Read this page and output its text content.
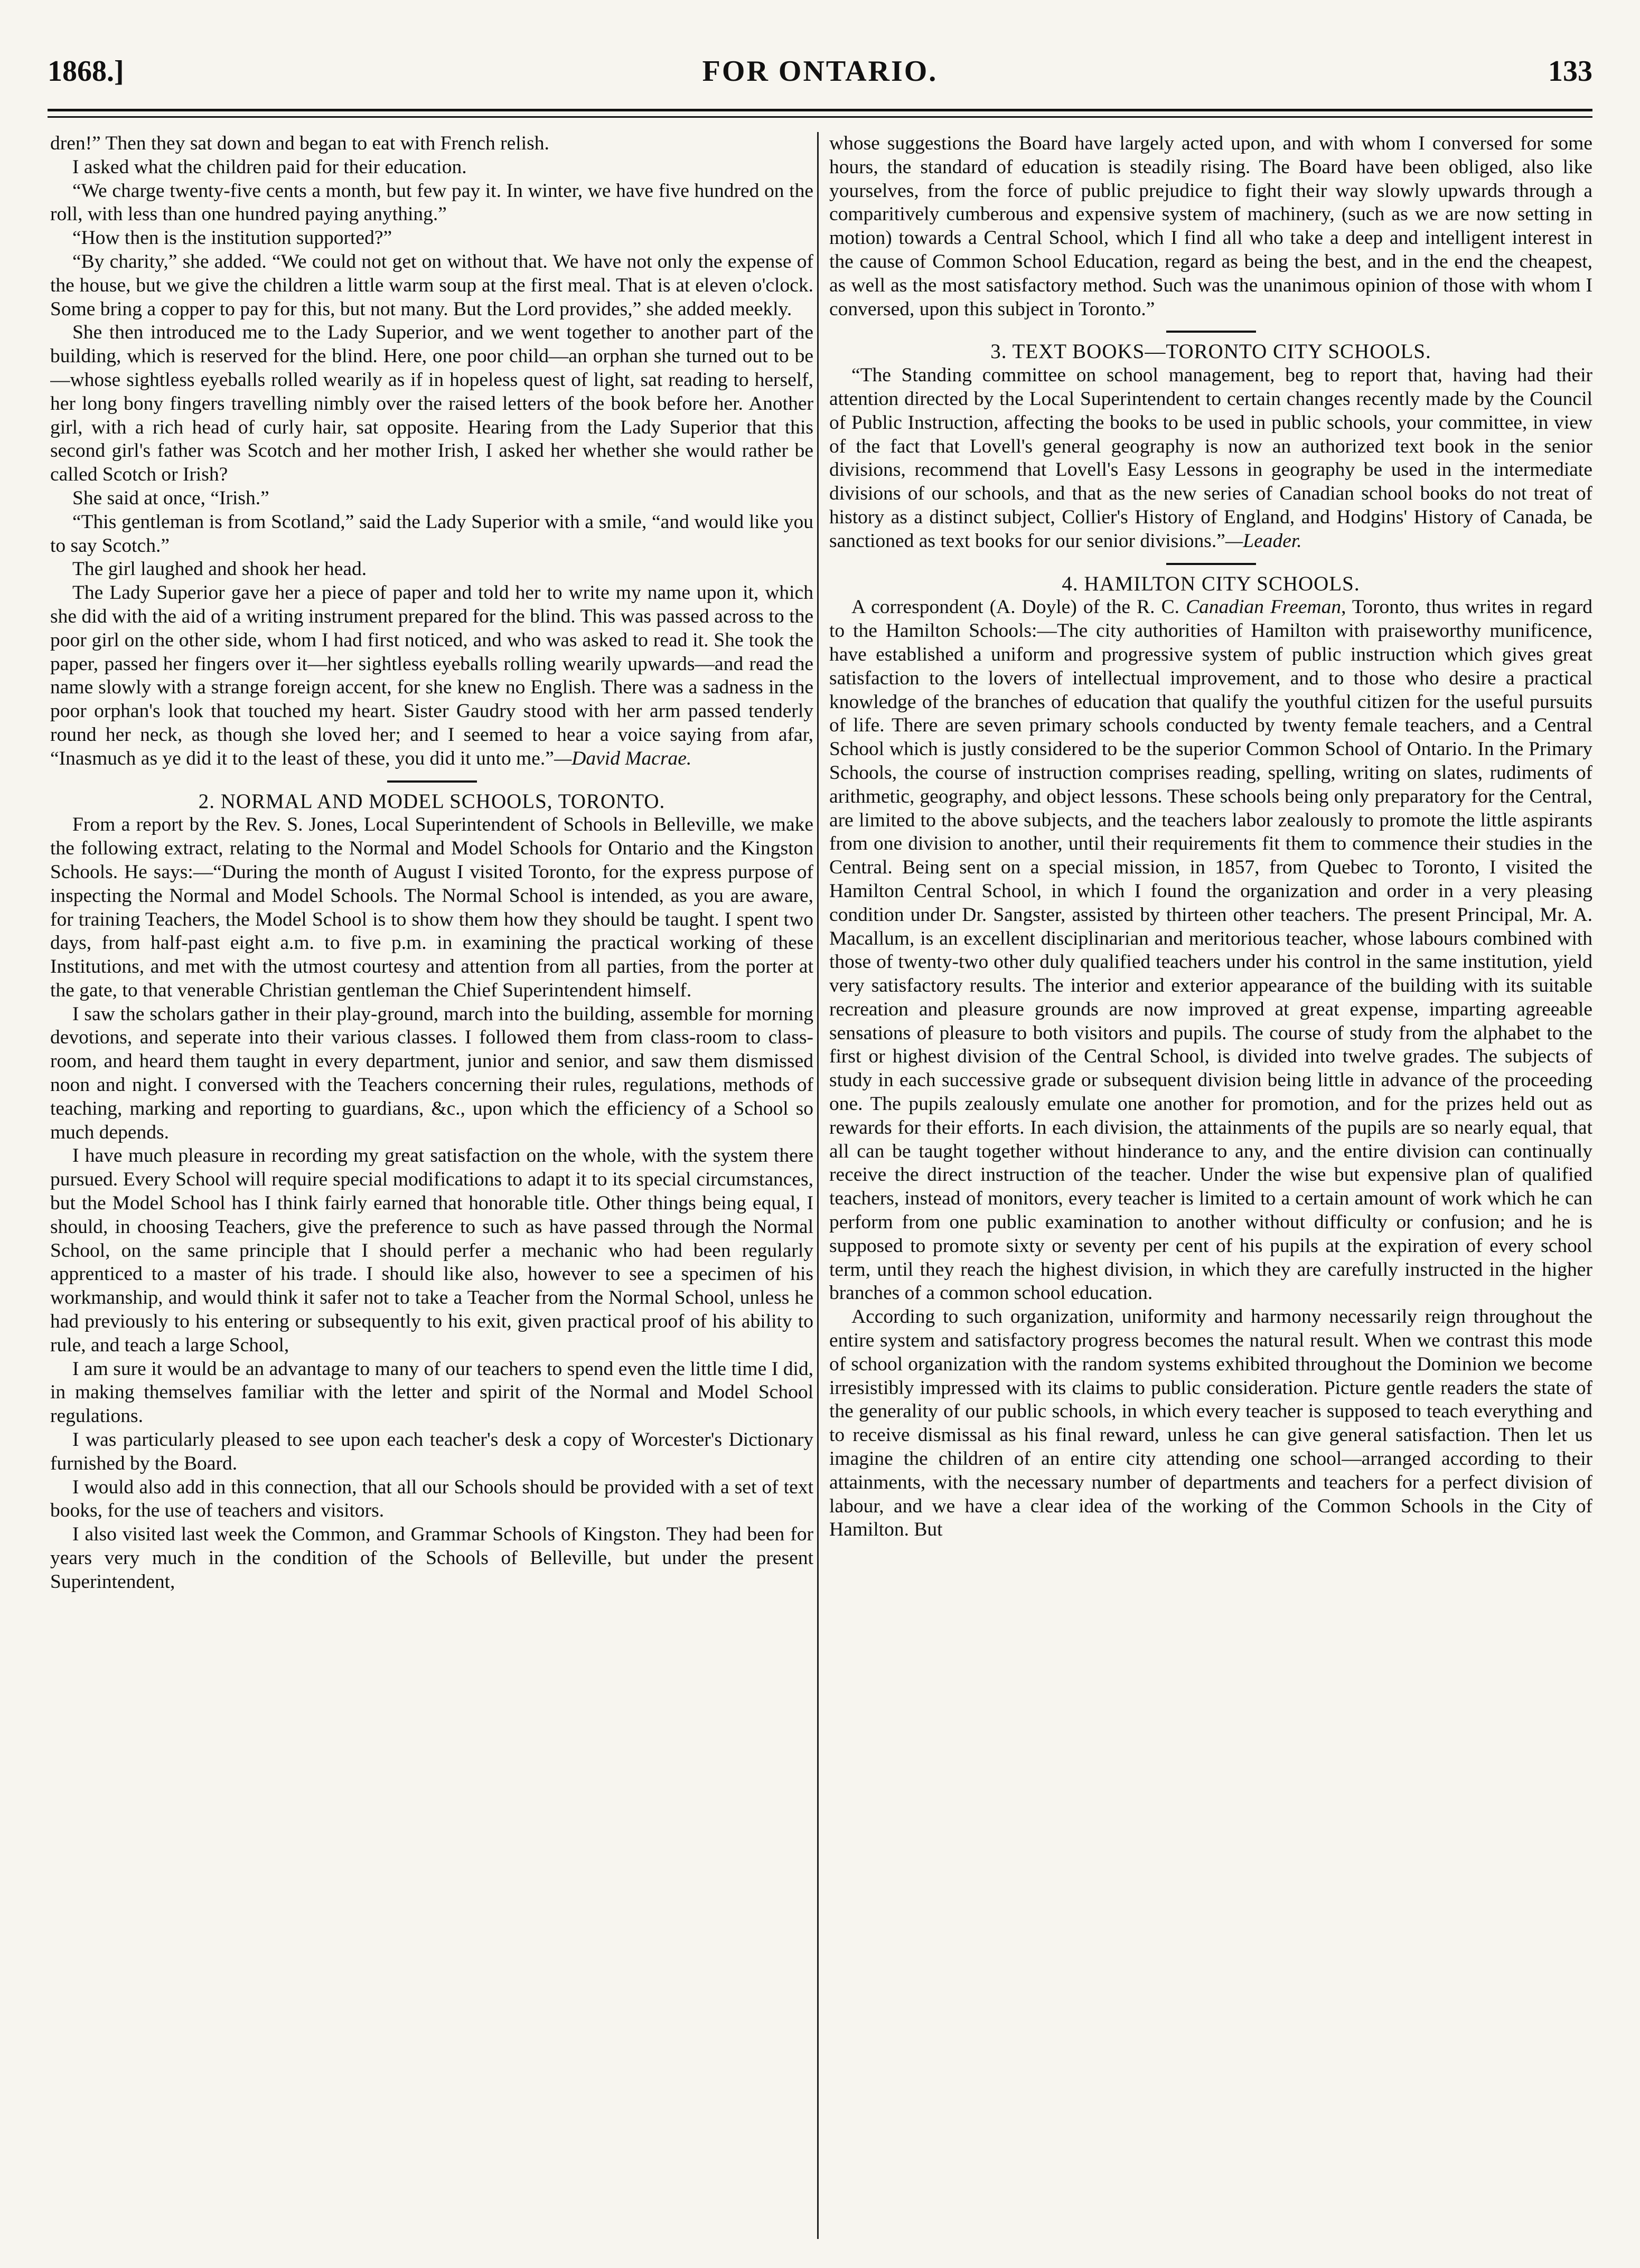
FOR ONTARIO.
1868.]	133

dren!” Then they sat down and began to eat with French relish.

I asked what the children paid for their education.

“We charge twenty-five cents a month, but few pay it. In winter, we have five hundred on the roll, with less than one hundred paying anything.”

“How then is the institution supported?”

“By charity,” she added. “We could not get on without that. We have not only the expense of the house, but we give the children a little warm soup at the first meal. That is at eleven o'clock. Some bring a copper to pay for this, but not many. But the Lord provides,” she added meekly.

She then introduced me to the Lady Superior, and we went together to another part of the building, which is reserved for the blind. Here, one poor child—an orphan she turned out to be—whose sightless eyeballs rolled wearily as if in hopeless quest of light, sat reading to herself, her long bony fingers travelling nimbly over the raised letters of the book before her. Another girl, with a rich head of curly hair, sat opposite. Hearing from the Lady Superior that this second girl's father was Scotch and her mother Irish, I asked her whether she would rather be called Scotch or Irish?

She said at once, “Irish.”

“This gentleman is from Scotland,” said the Lady Superior with a smile, “and would like you to say Scotch.”

The girl laughed and shook her head.

The Lady Superior gave her a piece of paper and told her to write my name upon it, which she did with the aid of a writing instrument prepared for the blind. This was passed across to the poor girl on the other side, whom I had first noticed, and who was asked to read it. She took the paper, passed her fingers over it—her sightless eyeballs rolling wearily upwards—and read the name slowly with a strange foreign accent, for she knew no English. There was a sadness in the poor orphan's look that touched my heart. Sister Gaudry stood with her arm passed tenderly round her neck, as though she loved her; and I seemed to hear a voice saying from afar, “Inasmuch as ye did it to the least of these, you did it unto me.”—David Macrae.

2. NORMAL AND MODEL SCHOOLS, TORONTO.

From a report by the Rev. S. Jones, Local Superintendent of Schools in Belleville, we make the following extract, relating to the Normal and Model Schools for Ontario and the Kingston Schools. He says:—“During the month of August I visited Toronto, for the express purpose of inspecting the Normal and Model Schools. The Normal School is intended, as you are aware, for training Teachers, the Model School is to show them how they should be taught. I spent two days, from half-past eight a.m. to five p.m. in examining the practical working of these Institutions, and met with the utmost courtesy and attention from all parties, from the porter at the gate, to that venerable Christian gentleman the Chief Superintendent himself.

I saw the scholars gather in their play-ground, march into the building, assemble for morning devotions, and seperate into their various classes. I followed them from class-room to class-room, and heard them taught in every department, junior and senior, and saw them dismissed noon and night. I conversed with the Teachers concerning their rules, regulations, methods of teaching, marking and reporting to guardians, &c., upon which the efficiency of a School so much depends.

I have much pleasure in recording my great satisfaction on the whole, with the system there pursued. Every School will require special modifications to adapt it to its special circumstances, but the Model School has I think fairly earned that honorable title. Other things being equal, I should, in choosing Teachers, give the preference to such as have passed through the Normal School, on the same principle that I should perfer a mechanic who had been regularly apprenticed to a master of his trade. I should like also, however to see a specimen of his workmanship, and would think it safer not to take a Teacher from the Normal School, unless he had previously to his entering or subsequently to his exit, given practical proof of his ability to rule, and teach a large School,

I am sure it would be an advantage to many of our teachers to spend even the little time I did, in making themselves familiar with the letter and spirit of the Normal and Model School regulations.

I was particularly pleased to see upon each teacher's desk a copy of Worcester's Dictionary furnished by the Board.

I would also add in this connection, that all our Schools should be provided with a set of text books, for the use of teachers and visitors.

I also visited last week the Common, and Grammar Schools of Kingston. They had been for years very much in the condition of the Schools of Belleville, but under the present Superintendent,

whose suggestions the Board have largely acted upon, and with whom I conversed for some hours, the standard of education is steadily rising. The Board have been obliged, also like yourselves, from the force of public prejudice to fight their way slowly upwards through a comparitively cumberous and expensive system of machinery, (such as we are now setting in motion) towards a Central School, which I find all who take a deep and intelligent interest in the cause of Common School Education, regard as being the best, and in the end the cheapest, as well as the most satisfactory method. Such was the unanimous opinion of those with whom I conversed, upon this subject in Toronto.”

3. TEXT BOOKS—TORONTO CITY SCHOOLS.

“The Standing committee on school management, beg to report that, having had their attention directed by the Local Superintendent to certain changes recently made by the Council of Public Instruction, affecting the books to be used in public schools, your committee, in view of the fact that Lovell's general geography is now an authorized text book in the senior divisions, recommend that Lovell's Easy Lessons in geography be used in the intermediate divisions of our schools, and that as the new series of Canadian school books do not treat of history as a distinct subject, Collier's History of England, and Hodgins' History of Canada, be sanctioned as text books for our senior divisions.”—Leader.

4. HAMILTON CITY SCHOOLS.

A correspondent (A. Doyle) of the R. C. Canadian Freeman, Toronto, thus writes in regard to the Hamilton Schools:—The city authorities of Hamilton with praiseworthy munificence, have established a uniform and progressive system of public instruction which gives great satisfaction to the lovers of intellectual improvement, and to those who desire a practical knowledge of the branches of education that qualify the youthful citizen for the useful pursuits of life. There are seven primary schools conducted by twenty female teachers, and a Central School which is justly considered to be the superior Common School of Ontario. In the Primary Schools, the course of instruction comprises reading, spelling, writing on slates, rudiments of arithmetic, geography, and object lessons. These schools being only preparatory for the Central, are limited to the above subjects, and the teachers labor zealously to promote the little aspirants from one division to another, until their requirements fit them to commence their studies in the Central. Being sent on a special mission, in 1857, from Quebec to Toronto, I visited the Hamilton Central School, in which I found the organization and order in a very pleasing condition under Dr. Sangster, assisted by thirteen other teachers. The present Principal, Mr. A. Macallum, is an excellent disciplinarian and meritorious teacher, whose labours combined with those of twenty-two other duly qualified teachers under his control in the same institution, yield very satisfactory results. The interior and exterior appearance of the building with its suitable recreation and pleasure grounds are now improved at great expense, imparting agreeable sensations of pleasure to both visitors and pupils. The course of study from the alphabet to the first or highest division of the Central School, is divided into twelve grades. The subjects of study in each successive grade or subsequent division being little in advance of the proceeding one. The pupils zealously emulate one another for promotion, and for the prizes held out as rewards for their efforts. In each division, the attainments of the pupils are so nearly equal, that all can be taught together without hinderance to any, and the entire division can continually receive the direct instruction of the teacher. Under the wise but expensive plan of qualified teachers, instead of monitors, every teacher is limited to a certain amount of work which he can perform from one public examination to another without difficulty or confusion; and he is supposed to promote sixty or seventy per cent of his pupils at the expiration of every school term, until they reach the highest division, in which they are carefully instructed in the higher branches of a common school education.

According to such organization, uniformity and harmony necessarily reign throughout the entire system and satisfactory progress becomes the natural result. When we contrast this mode of school organization with the random systems exhibited throughout the Dominion we become irresistibly impressed with its claims to public consideration. Picture gentle readers the state of the generality of our public schools, in which every teacher is supposed to teach everything and to receive dismissal as his final reward, unless he can give general satisfaction. Then let us imagine the children of an entire city attending one school—arranged according to their attainments, with the necessary number of departments and teachers for a perfect division of labour, and we have a clear idea of the working of the Common Schools in the City of Hamilton. But
